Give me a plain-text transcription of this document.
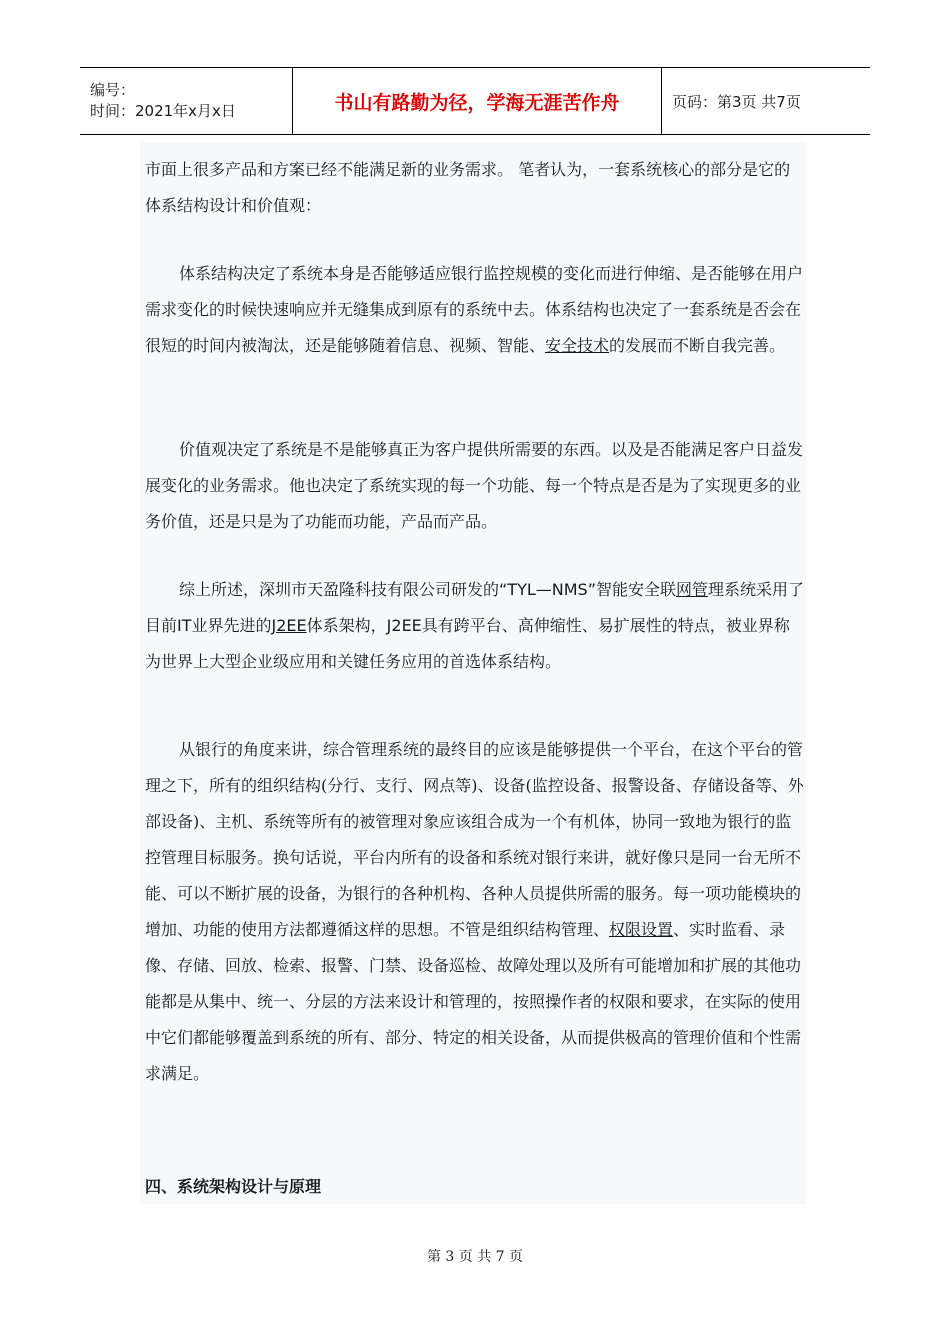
编号：
时间：2021年x月x日	书山有路勤为径，学海无涯苦作舟	页码：第3页 共7页

市面上很多产品和方案已经不能满足新的业务需求。 笔者认为，一套系统核心的部分是它的体系结构设计和价值观：

体系结构决定了系统本身是否能够适应银行监控规模的变化而进行伸缩、是否能够在用户需求变化的时候快速响应并无缝集成到原有的系统中去。体系结构也决定了一套系统是否会在很短的时间内被淘汰，还是能够随着信息、视频、智能、安全技术的发展而不断自我完善。

价值观决定了系统是不是能够真正为客户提供所需要的东西。以及是否能满足客户日益发展变化的业务需求。他也决定了系统实现的每一个功能、每一个特点是否是为了实现更多的业务价值，还是只是为了功能而功能，产品而产品。

综上所述，深圳市天盈隆科技有限公司研发的“TYL—NMS”智能安全联网管理系统采用了目前IT业界先进的J2EE体系架构，J2EE具有跨平台、高伸缩性、易扩展性的特点，被业界称为世界上大型企业级应用和关键任务应用的首选体系结构。

从银行的角度来讲，综合管理系统的最终目的应该是能够提供一个平台，在这个平台的管理之下，所有的组织结构(分行、支行、网点等)、设备(监控设备、报警设备、存储设备等、外部设备)、主机、系统等所有的被管理对象应该组合成为一个有机体，协同一致地为银行的监控管理目标服务。换句话说，平台内所有的设备和系统对银行来讲，就好像只是同一台无所不能、可以不断扩展的设备，为银行的各种机构、各种人员提供所需的服务。每一项功能模块的增加、功能的使用方法都遵循这样的思想。不管是组织结构管理、权限设置、实时监看、录像、存储、回放、检索、报警、门禁、设备巡检、故障处理以及所有可能增加和扩展的其他功能都是从集中、统一、分层的方法来设计和管理的，按照操作者的权限和要求，在实际的使用中它们都能够覆盖到系统的所有、部分、特定的相关设备，从而提供极高的管理价值和个性需求满足。

四、系统架构设计与原理

第 3 页 共 7 页
